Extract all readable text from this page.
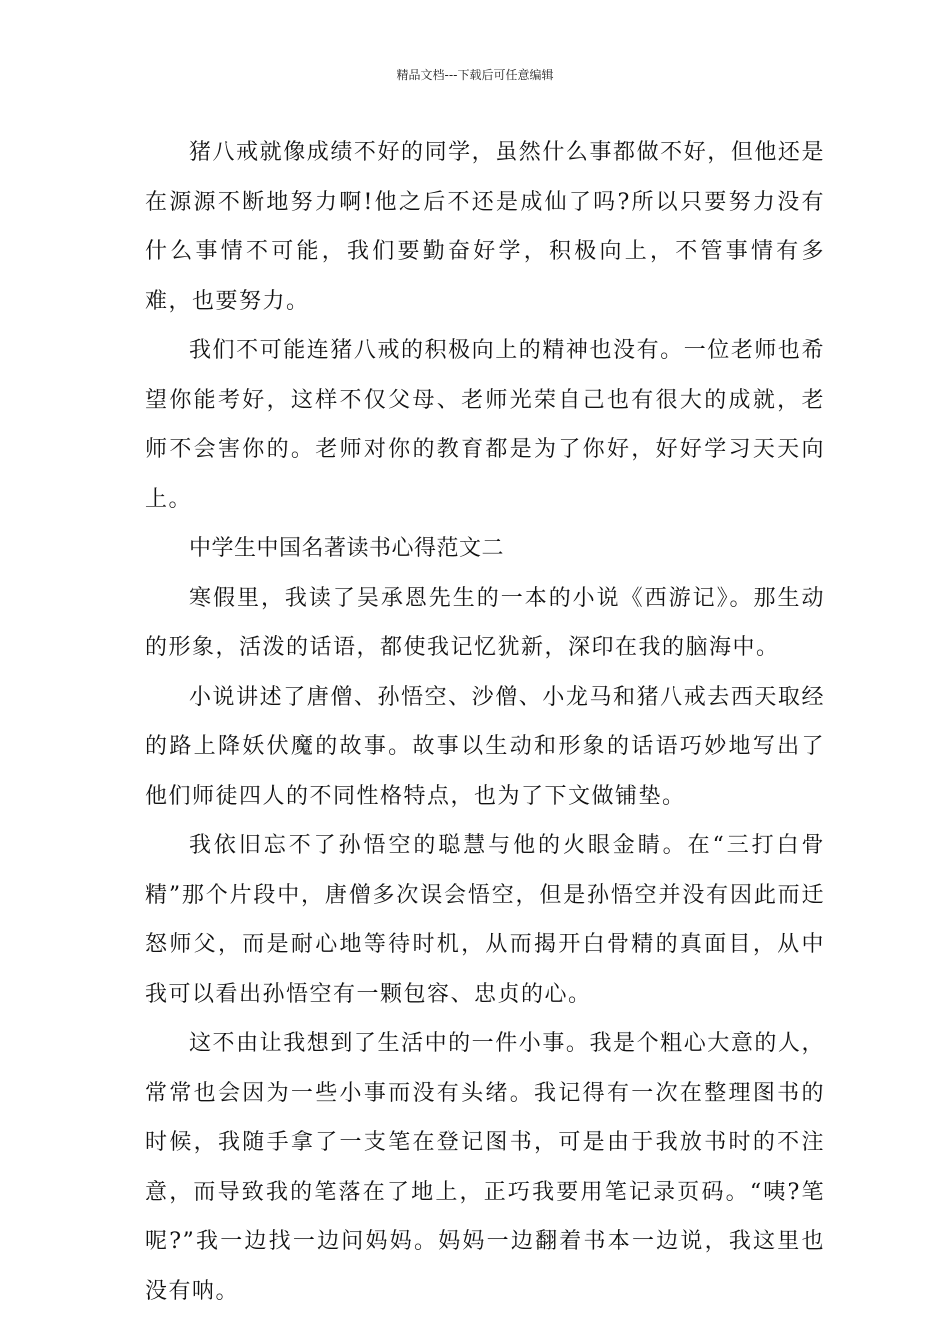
精品文档---下载后可任意编辑

猪八戒就像成绩不好的同学，虽然什么事都做不好，但他还是在源源不断地努力啊!他之后不还是成仙了吗?所以只要努力没有什么事情不可能，我们要勤奋好学，积极向上，不管事情有多难，也要努力。

我们不可能连猪八戒的积极向上的精神也没有。一位老师也希望你能考好，这样不仅父母、老师光荣自己也有很大的成就，老师不会害你的。老师对你的教育都是为了你好，好好学习天天向上。

中学生中国名著读书心得范文二

寒假里，我读了吴承恩先生的一本的小说《西游记》。那生动的形象，活泼的话语，都使我记忆犹新，深印在我的脑海中。

小说讲述了唐僧、孙悟空、沙僧、小龙马和猪八戒去西天取经的路上降妖伏魔的故事。故事以生动和形象的话语巧妙地写出了他们师徒四人的不同性格特点，也为了下文做铺垫。

我依旧忘不了孙悟空的聪慧与他的火眼金睛。在“三打白骨精”那个片段中，唐僧多次误会悟空，但是孙悟空并没有因此而迁怒师父，而是耐心地等待时机，从而揭开白骨精的真面目，从中我可以看出孙悟空有一颗包容、忠贞的心。

这不由让我想到了生活中的一件小事。我是个粗心大意的人，常常也会因为一些小事而没有头绪。我记得有一次在整理图书的时候，我随手拿了一支笔在登记图书，可是由于我放书时的不注意，而导致我的笔落在了地上，正巧我要用笔记录页码。“咦?笔呢?”我一边找一边问妈妈。妈妈一边翻着书本一边说，我这里也没有呐。
